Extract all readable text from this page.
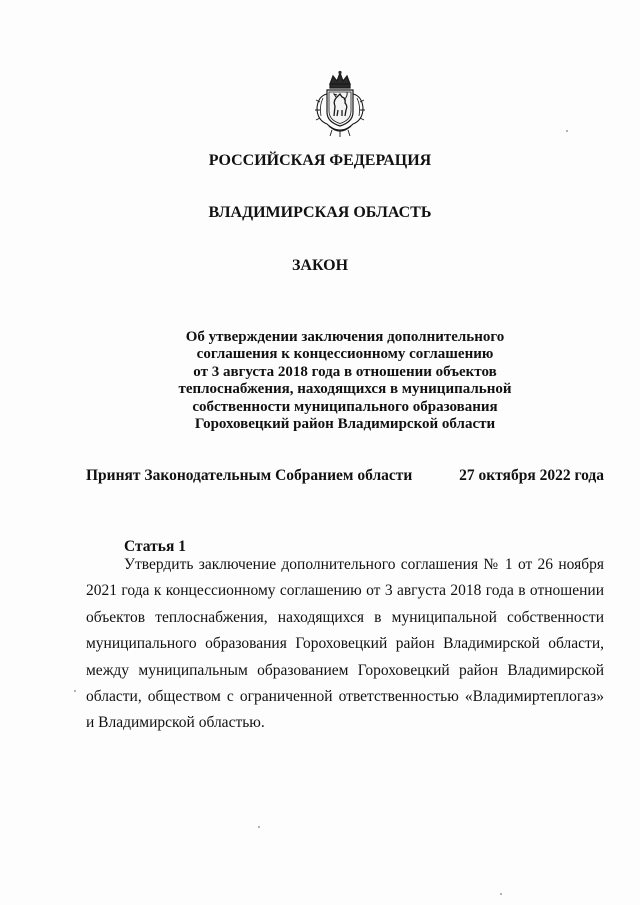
РОССИЙСКАЯ ФЕДЕРАЦИЯ
ВЛАДИМИРСКАЯ ОБЛАСТЬ
ЗАКОН
Об утверждении заключения дополнительного
соглашения к концессионному соглашению
от 3 августа 2018 года в отношении объектов
теплоснабжения, находящихся в муниципальной
собственности муниципального образования
Гороховецкий район Владимирской области
Принят Законодательным Собранием области	27 октября 2022 года
Статья 1

Утвердить заключение дополнительного соглашения № 1 от 26 ноября 2021 года к концессионному соглашению от 3 августа 2018 года в отношении объектов теплоснабжения, находящихся в муниципальной собственности муниципального образования Гороховецкий район Владимирской области, между муниципальным образованием Гороховецкий район Владимирской области, обществом с ограниченной ответственностью «Владимиртеплогаз» и Владимирской областью.
